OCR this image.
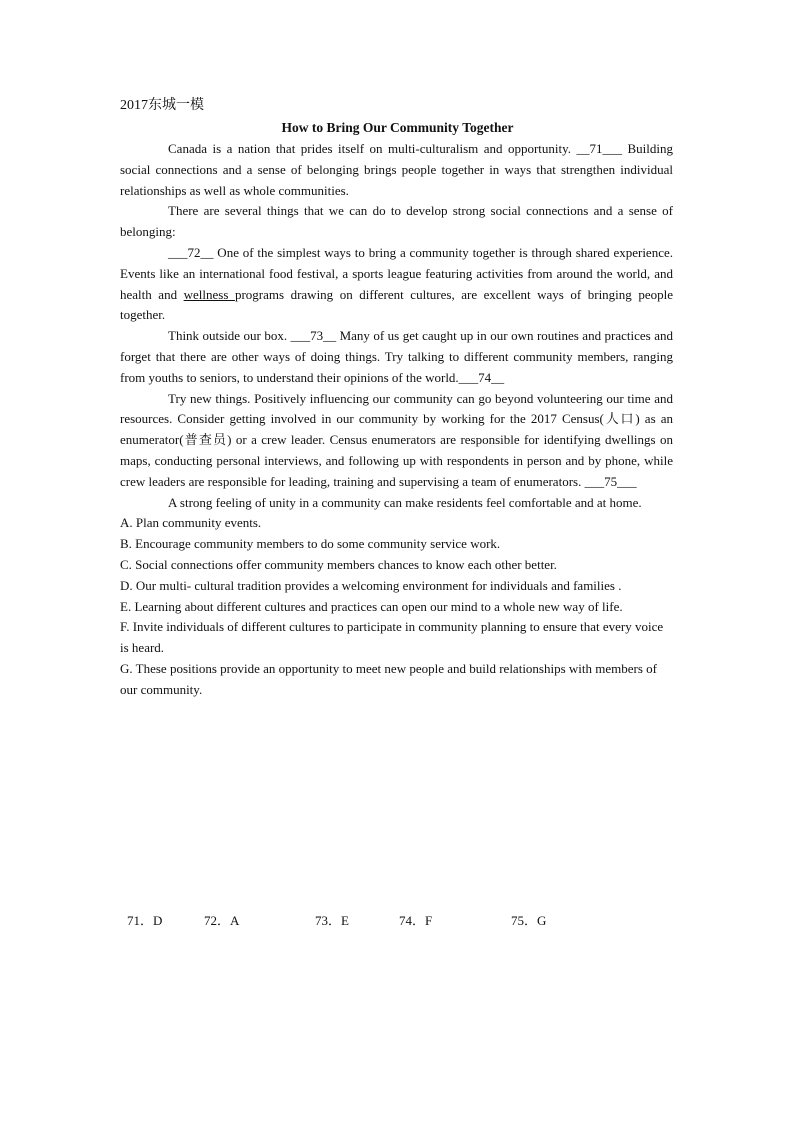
2017东城一模
How to Bring Our Community Together

Canada is a nation that prides itself on multi-culturalism and opportunity. __71___ Building social connections and a sense of belonging brings people together in ways that strengthen individual relationships as well as whole communities.

There are several things that we can do to develop strong social connections and a sense of belonging:

___72__ One of the simplest ways to bring a community together is through shared experience. Events like an international food festival, a sports league featuring activities from around the world, and health and wellness programs drawing on different cultures, are excellent ways of bringing people together.

Think outside our box. ___73__ Many of us get caught up in our own routines and practices and forget that there are other ways of doing things. Try talking to different community members, ranging from youths to seniors, to understand their opinions of the world.___74__

Try new things. Positively influencing our community can go beyond volunteering our time and resources. Consider getting involved in our community by working for the 2017 Census(人口) as an enumerator(普查员) or a crew leader. Census enumerators are responsible for identifying dwellings on maps, conducting personal interviews, and following up with respondents in person and by phone, while crew leaders are responsible for leading, training and supervising a team of enumerators. ___75___

A strong feeling of unity in a community can make residents feel comfortable and at home.

A. Plan community events.

B. Encourage community members to do some community service work.

C. Social connections offer community members chances to know each other better.

D. Our multi- cultural tradition provides a welcoming environment for individuals and families .

E. Learning about different cultures and practices can open our mind to a whole new way of life.

F. Invite individuals of different cultures to participate in community planning to ensure that every voice is heard.

G. These positions provide an opportunity to meet new people and build relationships with members of our community.

71．D	72．A	73．E	74．F	75．G
